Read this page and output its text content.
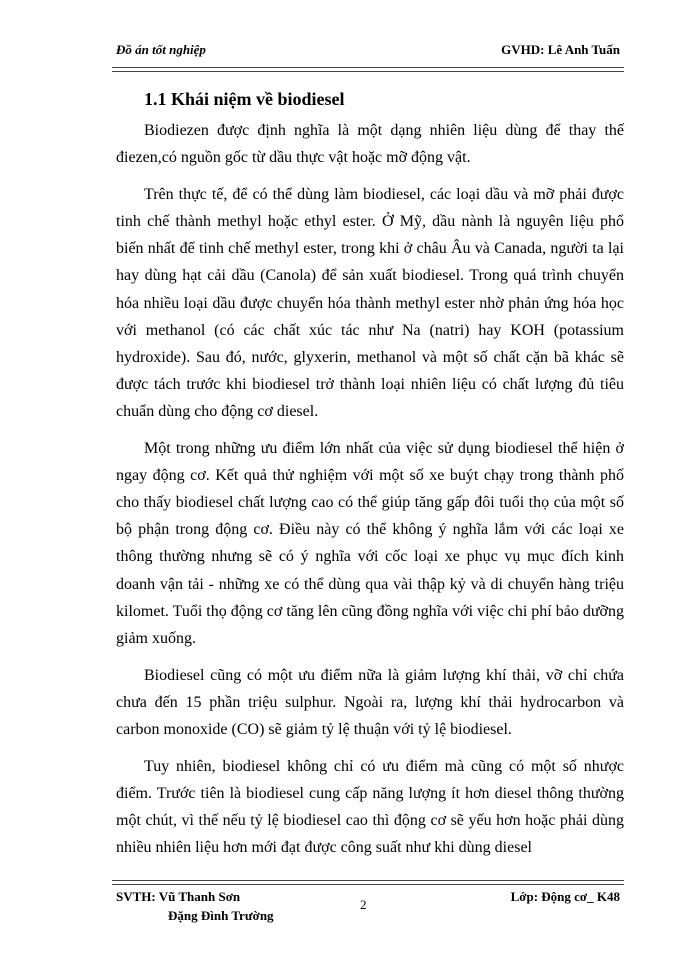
Đồ án tốt nghiệp	GVHD: Lê Anh Tuấn
1.1 Khái niệm về biodiesel

Biodiezen được định nghĩa là một dạng nhiên liệu dùng để thay thế điezen,có nguồn gốc từ dầu thực vật hoặc mỡ động vật.

Trên thực tế, để có thể dùng làm biodiesel, các loại dầu và mỡ phải được tinh chế thành methyl hoặc ethyl ester. Ở Mỹ, dầu nành là nguyên liệu phổ biến nhất để tinh chế methyl ester, trong khi ở châu Âu và Canada, người ta lại hay dùng hạt cải dầu (Canola) để sản xuất biodiesel. Trong quá trình chuyển hóa nhiều loại dầu được chuyển hóa thành methyl ester nhờ phản ứng hóa học với methanol (có các chất xúc tác như Na (natri) hay KOH (potassium hydroxide). Sau đó, nước, glyxerin, methanol và một số chất cặn bã khác sẽ được tách trước khi biodiesel trở thành loại nhiên liệu có chất lượng đủ tiêu chuẩn dùng cho động cơ diesel.

Một trong những ưu điểm lớn nhất của việc sử dụng biodiesel thể hiện ở ngay động cơ. Kết quả thử nghiệm với một số xe buýt chạy trong thành phố cho thấy biodiesel chất lượng cao có thể giúp tăng gấp đôi tuổi thọ của một số bộ phận trong động cơ. Điều này có thể không ý nghĩa lắm với các loại xe thông thường nhưng sẽ có ý nghĩa với cốc loại xe phục vụ mục đích kinh doanh vận tải - những xe có thể dùng qua vài thập kỷ và di chuyển hàng triệu kilomet. Tuổi thọ động cơ tăng lên cũng đồng nghĩa với việc chi phí bảo dưỡng giảm xuống.

Biodiesel cũng có một ưu điểm nữa là giảm lượng khí thải, vỡ chỉ chứa chưa đến 15 phần triệu sulphur. Ngoài ra, lượng khí thải hydrocarbon và carbon monoxide (CO) sẽ giảm tỷ lệ thuận với tỷ lệ biodiesel.

Tuy nhiên, biodiesel không chỉ có ưu điểm mà cũng có một số nhược điểm. Trước tiên là biodiesel cung cấp năng lượng ít hơn diesel thông thường một chút, vì thế nếu tỷ lệ biodiesel cao thì động cơ sẽ yếu hơn hoặc phải dùng nhiều nhiên liệu hơn mới đạt được công suất như khi dùng diesel

SVTH: Vũ Thanh Sơn
Đặng Đình Trường
2
Lớp: Động cơ_ K48
